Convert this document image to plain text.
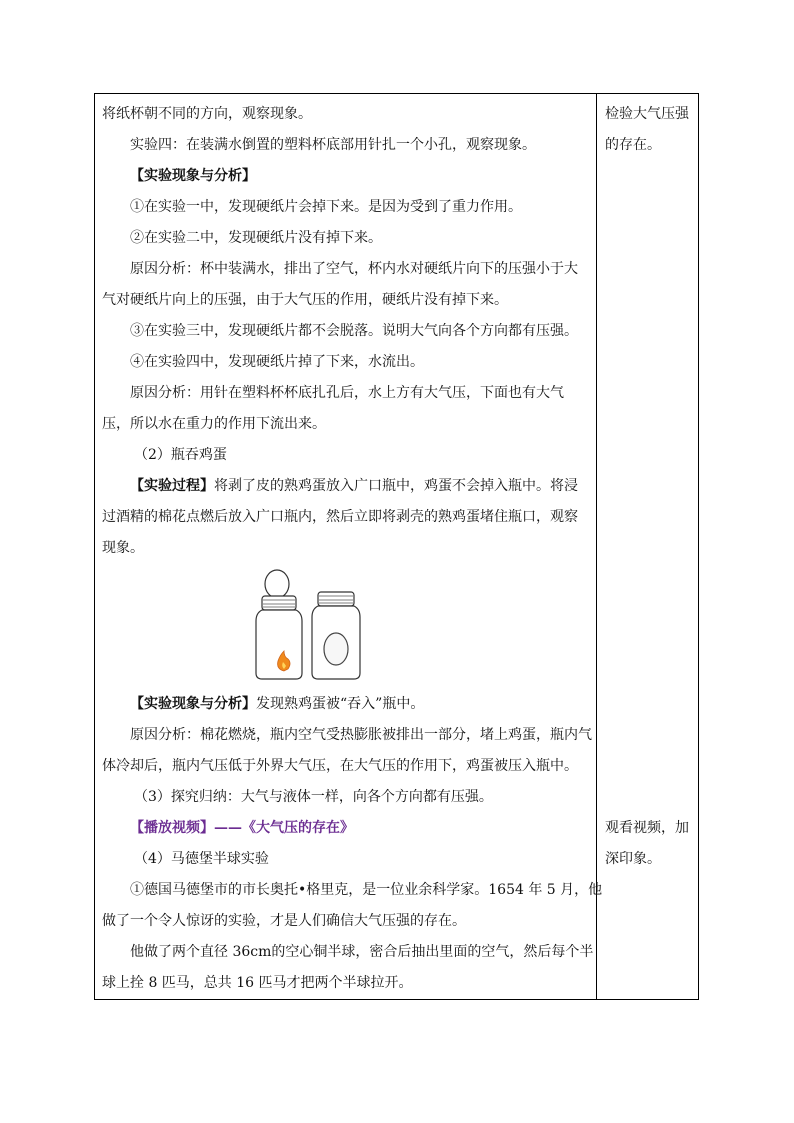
将纸杯朝不同的方向，观察现象。
实验四：在装满水倒置的塑料杯底部用针扎一个小孔，观察现象。
【实验现象与分析】
①在实验一中，发现硬纸片会掉下来。是因为受到了重力作用。
②在实验二中，发现硬纸片没有掉下来。
原因分析：杯中装满水，排出了空气，杯内水对硬纸片向下的压强小于大
气对硬纸片向上的压强，由于大气压的作用，硬纸片没有掉下来。
③在实验三中，发现硬纸片都不会脱落。说明大气向各个方向都有压强。
④在实验四中，发现硬纸片掉了下来，水流出。
原因分析：用针在塑料杯杯底扎孔后，水上方有大气压，下面也有大气
压，所以水在重力的作用下流出来。
（2）瓶吞鸡蛋
【实验过程】将剥了皮的熟鸡蛋放入广口瓶中，鸡蛋不会掉入瓶中。将浸
过酒精的棉花点燃后放入广口瓶内，然后立即将剥壳的熟鸡蛋堵住瓶口，观察
现象。
【实验现象与分析】发现熟鸡蛋被“吞入”瓶中。
原因分析：棉花燃烧，瓶内空气受热膨胀被排出一部分，堵上鸡蛋，瓶内气
体冷却后，瓶内气压低于外界大气压，在大气压的作用下，鸡蛋被压入瓶中。
（3）探究归纳：大气与液体一样，向各个方向都有压强。
【播放视频】——《大气压的存在》
（4）马德堡半球实验
①德国马德堡市的市长奥托•格里克，是一位业余科学家。1654 年 5 月，他
做了一个令人惊讶的实验，才是人们确信大气压强的存在。
他做了两个直径 36cm的空心铜半球，密合后抽出里面的空气，然后每个半
球上拴 8 匹马，总共 16 匹马才把两个半球拉开。
检验大气压强
的存在。
观看视频，加
深印象。
